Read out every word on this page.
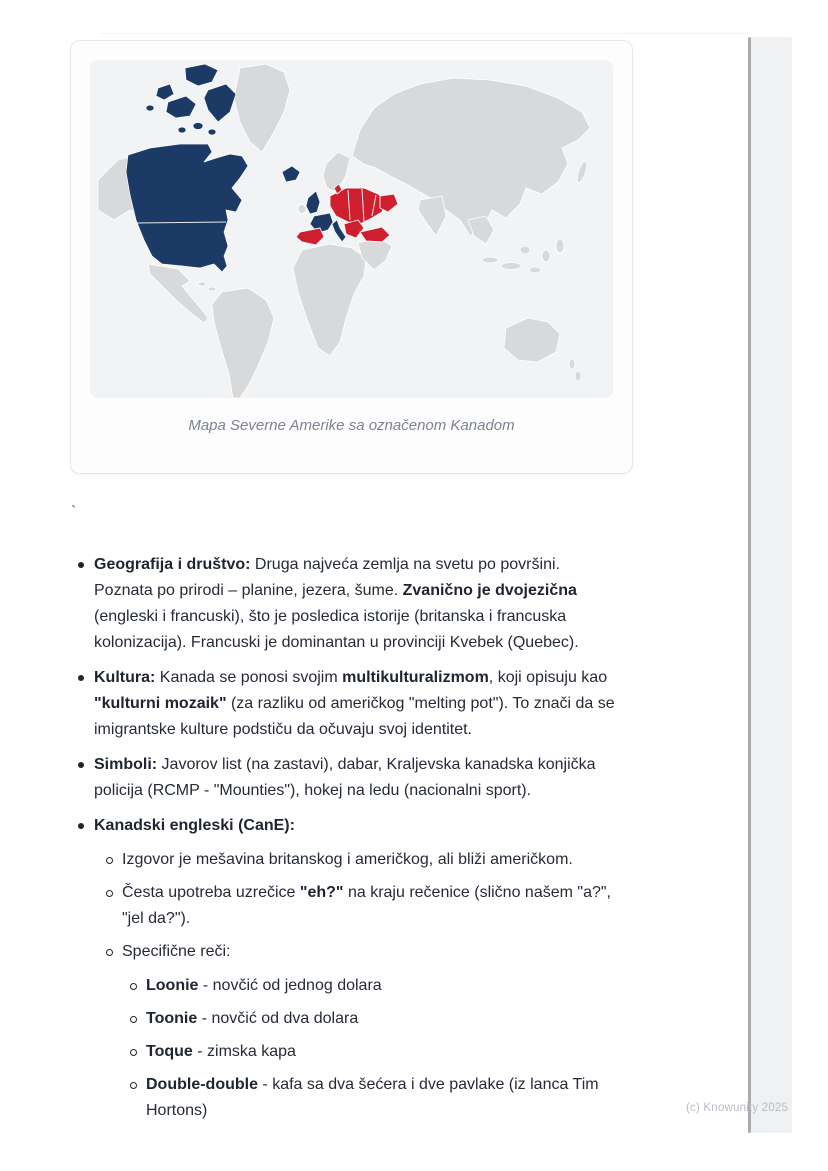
Mapa Severne Amerike sa označenom Kanadom
`
Geografija i društvo: Druga najveća zemlja na svetu po površini. Poznata po prirodi – planine, jezera, šume. Zvanično je dvojezična (engleski i francuski), što je posledica istorije (britanska i francuska kolonizacija). Francuski je dominantan u provinciji Kvebek (Quebec).
Kultura: Kanada se ponosi svojim multikulturalizmom, koji opisuju kao "kulturni mozaik" (za razliku od američkog "melting pot"). To znači da se imigrantske kulture podstiču da očuvaju svoj identitet.
Simboli: Javorov list (na zastavi), dabar, Kraljevska kanadska konjička policija (RCMP - "Mounties"), hokej na ledu (nacionalni sport).
Kanadski engleski (CanE):
Izgovor je mešavina britanskog i američkog, ali bliži američkom.
Česta upotreba uzrečice "eh?" na kraju rečenice (slično našem "a?", "jel da?").
Specifične reči:
Loonie - novčić od jednog dolara
Toonie - novčić od dva dolara
Toque - zimska kapa
Double-double - kafa sa dva šećera i dve pavlake (iz lanca Tim Hortons)	(c) Knowunity 2025
